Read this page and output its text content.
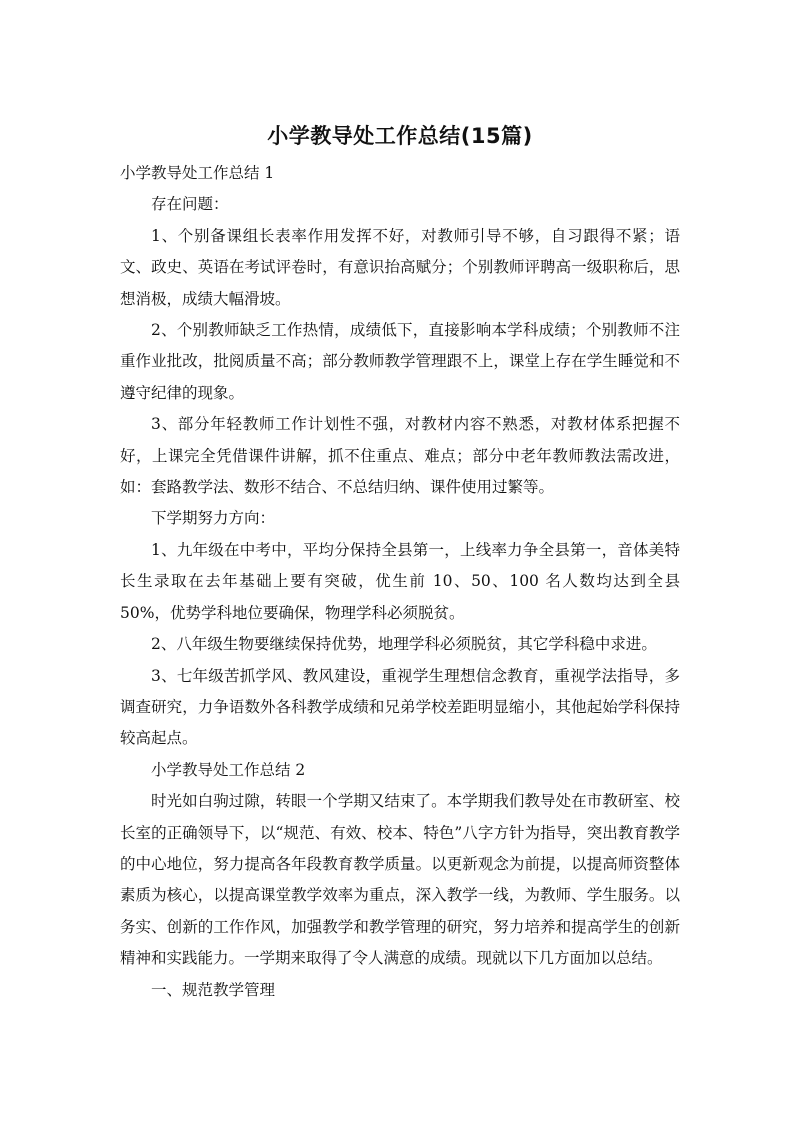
小学教导处工作总结(15篇)

小学教导处工作总结 1

存在问题：

1、个别备课组长表率作用发挥不好，对教师引导不够，自习跟得不紧；语文、政史、英语在考试评卷时，有意识抬高赋分；个别教师评聘高一级职称后，思想消极，成绩大幅滑坡。

2、个别教师缺乏工作热情，成绩低下，直接影响本学科成绩；个别教师不注重作业批改，批阅质量不高；部分教师教学管理跟不上，课堂上存在学生睡觉和不遵守纪律的现象。

3、部分年轻教师工作计划性不强，对教材内容不熟悉，对教材体系把握不好，上课完全凭借课件讲解，抓不住重点、难点；部分中老年教师教法需改进，如：套路教学法、数形不结合、不总结归纳、课件使用过繁等。

下学期努力方向：

1、九年级在中考中，平均分保持全县第一，上线率力争全县第一，音体美特长生录取在去年基础上要有突破，优生前 10、50、100 名人数均达到全县 50%，优势学科地位要确保，物理学科必须脱贫。

2、八年级生物要继续保持优势，地理学科必须脱贫，其它学科稳中求进。

3、七年级苦抓学风、教风建设，重视学生理想信念教育，重视学法指导，多调查研究，力争语数外各科教学成绩和兄弟学校差距明显缩小，其他起始学科保持较高起点。

小学教导处工作总结 2

时光如白驹过隙，转眼一个学期又结束了。本学期我们教导处在市教研室、校长室的正确领导下，以“规范、有效、校本、特色”八字方针为指导，突出教育教学的中心地位，努力提高各年段教育教学质量。以更新观念为前提，以提高师资整体素质为核心，以提高课堂教学效率为重点，深入教学一线，为教师、学生服务。以务实、创新的工作作风，加强教学和教学管理的研究，努力培养和提高学生的创新精神和实践能力。一学期来取得了令人满意的成绩。现就以下几方面加以总结。

一、规范教学管理
